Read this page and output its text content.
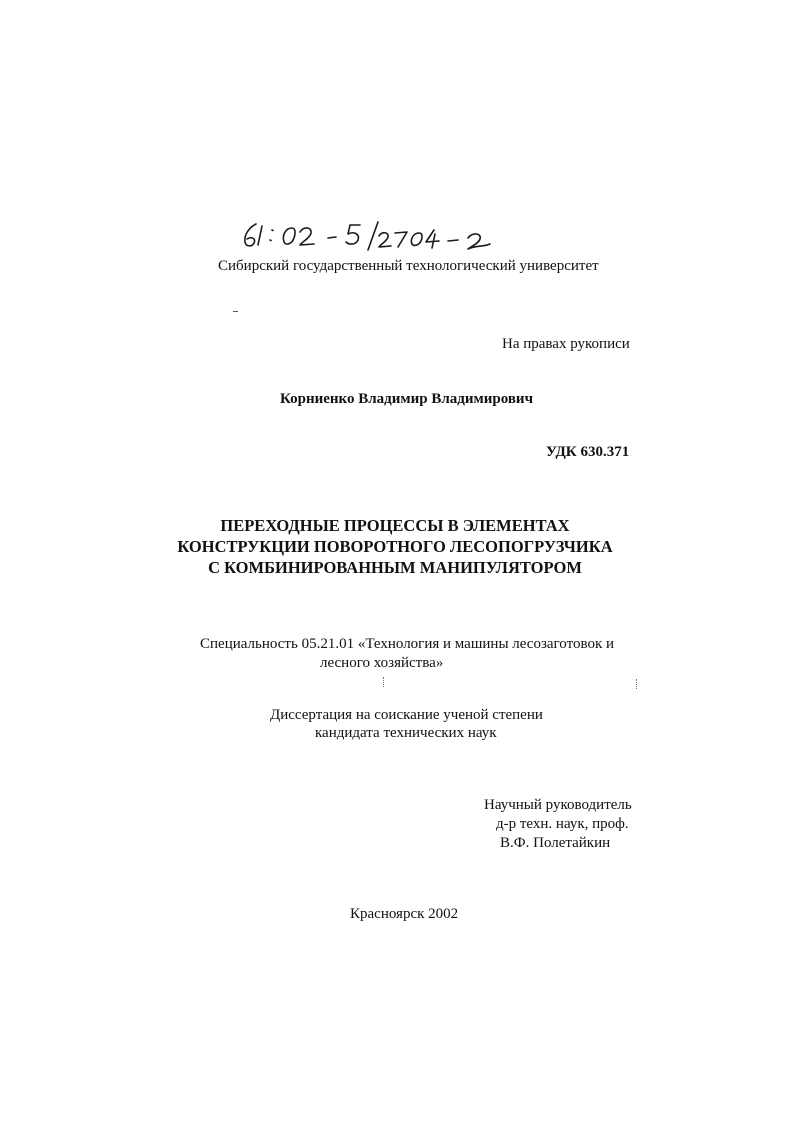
Сибирский государственный технологический университет
На правах рукописи
Корниенко Владимир Владимирович
УДК 630.371
ПЕРЕХОДНЫЕ ПРОЦЕССЫ В ЭЛЕМЕНТАХ
КОНСТРУКЦИИ ПОВОРОТНОГО ЛЕСОПОГРУЗЧИКА
С КОМБИНИРОВАННЫМ МАНИПУЛЯТОРОМ
Специальность 05.21.01 «Технология и машины лесозаготовок и
лесного хозяйства»
Диссертация на соискание ученой степени
кандидата технических наук
Научный руководитель
д-р техн. наук, проф.
В.Ф. Полетайкин
Красноярск 2002
